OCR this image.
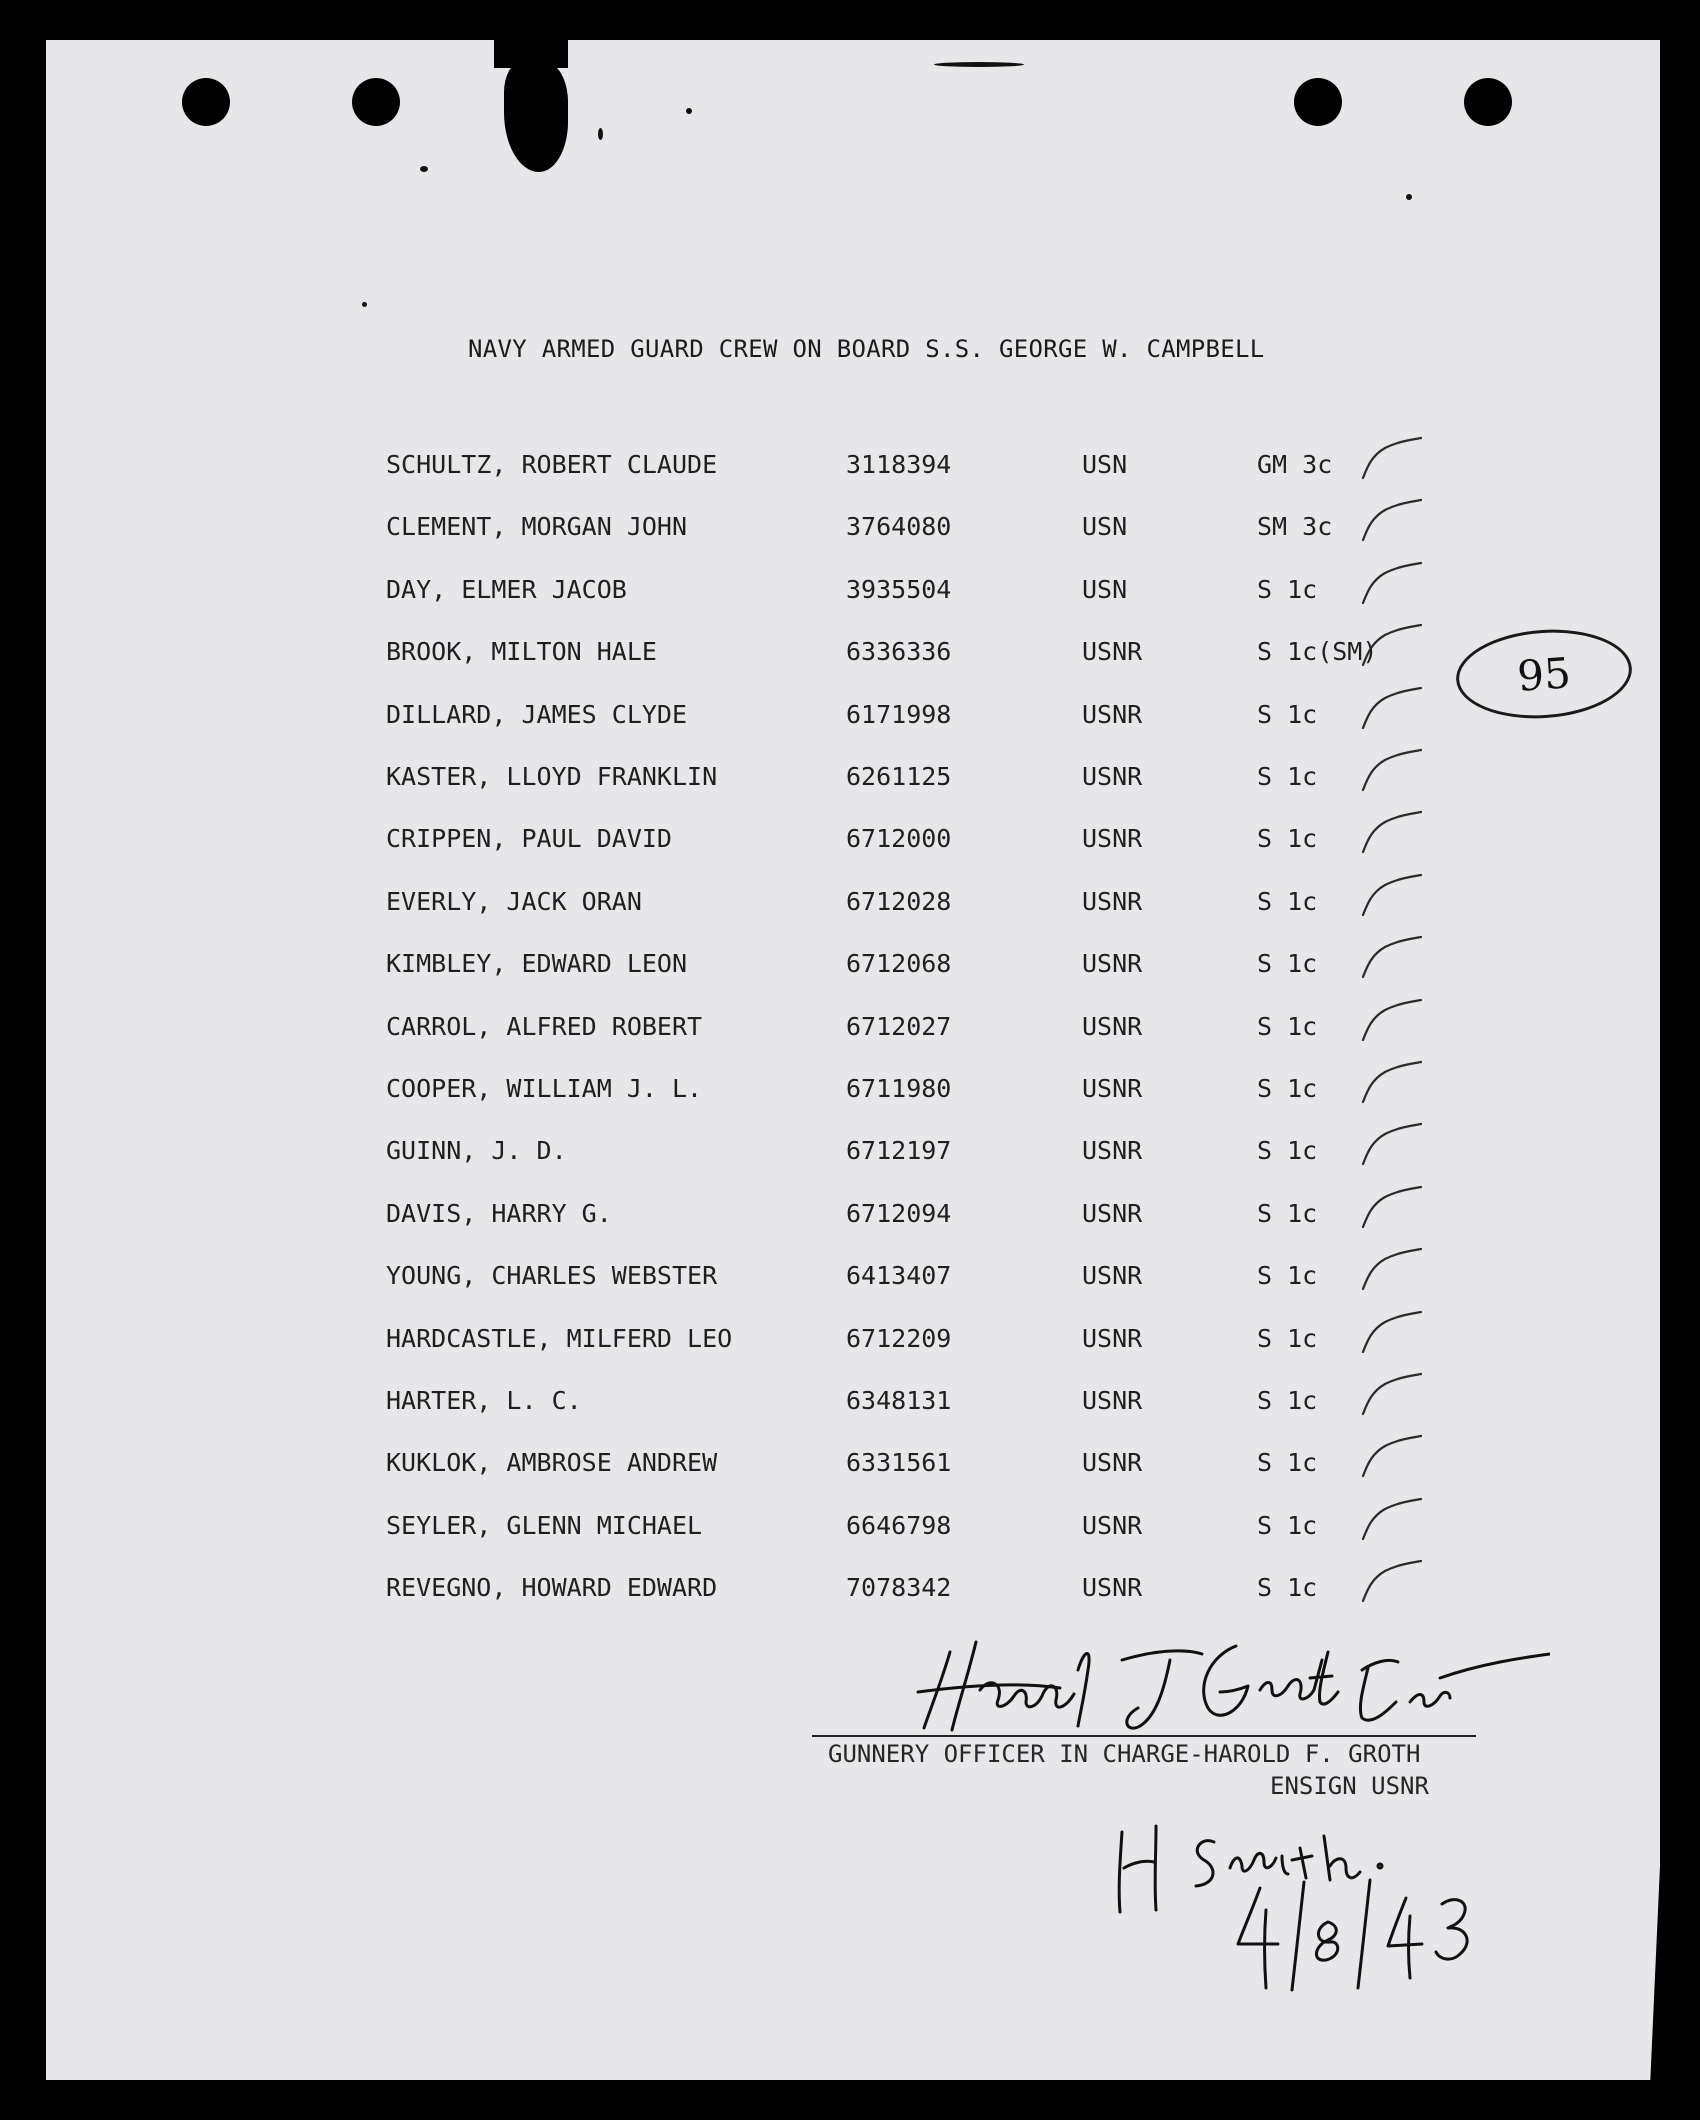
NAVY ARMED GUARD CREW ON BOARD S.S. GEORGE W. CAMPBELL
SCHULTZ, ROBERT CLAUDE	3118394	USN	GM 3c
CLEMENT, MORGAN JOHN	3764080	USN	SM 3c
DAY, ELMER JACOB	3935504	USN	S 1c
BROOK, MILTON HALE	6336336	USNR	S 1c(SM)
DILLARD, JAMES CLYDE	6171998	USNR	S 1c
KASTER, LLOYD FRANKLIN	6261125	USNR	S 1c
CRIPPEN, PAUL DAVID	6712000	USNR	S 1c
EVERLY, JACK ORAN	6712028	USNR	S 1c
KIMBLEY, EDWARD LEON	6712068	USNR	S 1c
CARROL, ALFRED ROBERT	6712027	USNR	S 1c
COOPER, WILLIAM J. L.	6711980	USNR	S 1c
GUINN, J. D.	6712197	USNR	S 1c
DAVIS, HARRY G.	6712094	USNR	S 1c
YOUNG, CHARLES WEBSTER	6413407	USNR	S 1c
HARDCASTLE, MILFERD LEO	6712209	USNR	S 1c
HARTER, L. C.	6348131	USNR	S 1c
KUKLOK, AMBROSE ANDREW	6331561	USNR	S 1c
SEYLER, GLENN MICHAEL	6646798	USNR	S 1c
REVEGNO, HOWARD EDWARD	7078342	USNR	S 1c
95
GUNNERY OFFICER IN CHARGE-HAROLD F. GROTH
ENSIGN USNR
